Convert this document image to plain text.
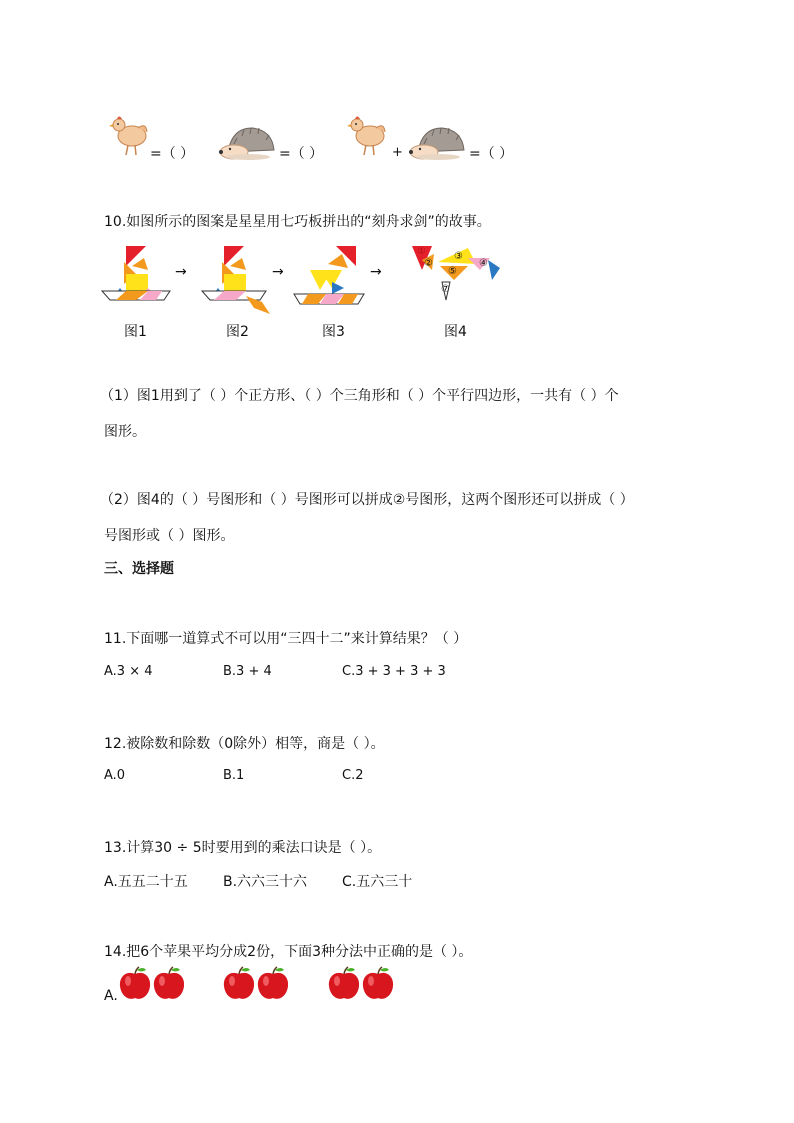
=（ ）	=（ ）	+	=（ ）
10.如图所示的图案是星星用七巧板拼出的“刻舟求剑”的故事。
→	→	→
①
②
③
④
⑤
⑦
图1	图2	图3	图4
（1）图1用到了（ ）个正方形、（ ）个三角形和（ ）个平行四边形，一共有（ ）个
图形。
（2）图4的（ ）号图形和（ ）号图形可以拼成②号图形，这两个图形还可以拼成（ ）
号图形或（ ）图形。
三、选择题
11.下面哪一道算式不可以用“三四十二”来计算结果？（ ）
A.3 × 4	B.3 + 4	C.3 + 3 + 3 + 3
12.被除数和除数（0除外）相等，商是（ ）。
A.0	B.1	C.2
13.计算30 ÷ 5时要用到的乘法口诀是（ ）。
A.五五二十五	B.六六三十六 C.五六三十
14.把6个苹果平均分成2份，下面3种分法中正确的是（ ）。
A.
